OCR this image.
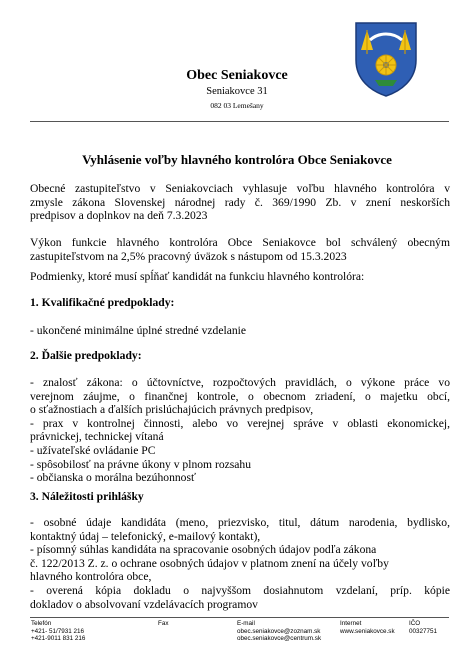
Obec Seniakovce
Seniakovce 31
082 03 Lemešany
Vyhlásenie voľby hlavného kontrolóra Obce Seniakovce
Obecné zastupiteľstvo v Seniakovciach vyhlasuje voľbu hlavného kontrolóra v
zmysle zákona Slovenskej národnej rady č. 369/1990 Zb. v znení neskorších
predpisov a doplnkov na deň 7.3.2023
Výkon funkcie hlavného kontrolóra Obce Seniakovce bol schválený obecným
zastupiteľstvom na 2,5% pracovný úväzok s nástupom od 15.3.2023
Podmienky, ktoré musí spĺňať kandidát na funkciu hlavného kontrolóra:
1. Kvalifikačné predpoklady:
- ukončené minimálne úplné stredné vzdelanie
2. Ďalšie predpoklady:
- znalosť zákona: o účtovníctve, rozpočtových pravidlách, o výkone práce vo
verejnom záujme, o finančnej kontrole, o obecnom zriadení, o majetku obcí,
o sťažnostiach a ďalších prislúchajúcich právnych predpisov,
- prax v kontrolnej činnosti, alebo vo verejnej správe v oblasti ekonomickej,
právnickej, technickej vítaná
- užívateľské ovládanie PC
- spôsobilosť na právne úkony v plnom rozsahu
- občianska o morálna bezúhonnosť
3. Náležitosti prihlášky
- osobné údaje kandidáta (meno, priezvisko, titul, dátum narodenia, bydlisko,
kontaktný údaj – telefonický, e-mailový kontakt),
- písomný súhlas kandidáta na spracovanie osobných údajov podľa zákona
č. 122/2013 Z. z. o ochrane osobných údajov v platnom znení na účely voľby
hlavného kontrolóra obce,
- overená kópia dokladu o najvyššom dosiahnutom vzdelaní, príp. kópie
dokladov o absolvovaní vzdelávacích programov
Telefón
+421- 51/7931 216
+421-9011 831 216
Fax	E-mail
obec.seniakovce@zoznam.sk
obec.seniakovce@centrum.sk
Internet
www.seniakovce.sk
IČO
00327751
